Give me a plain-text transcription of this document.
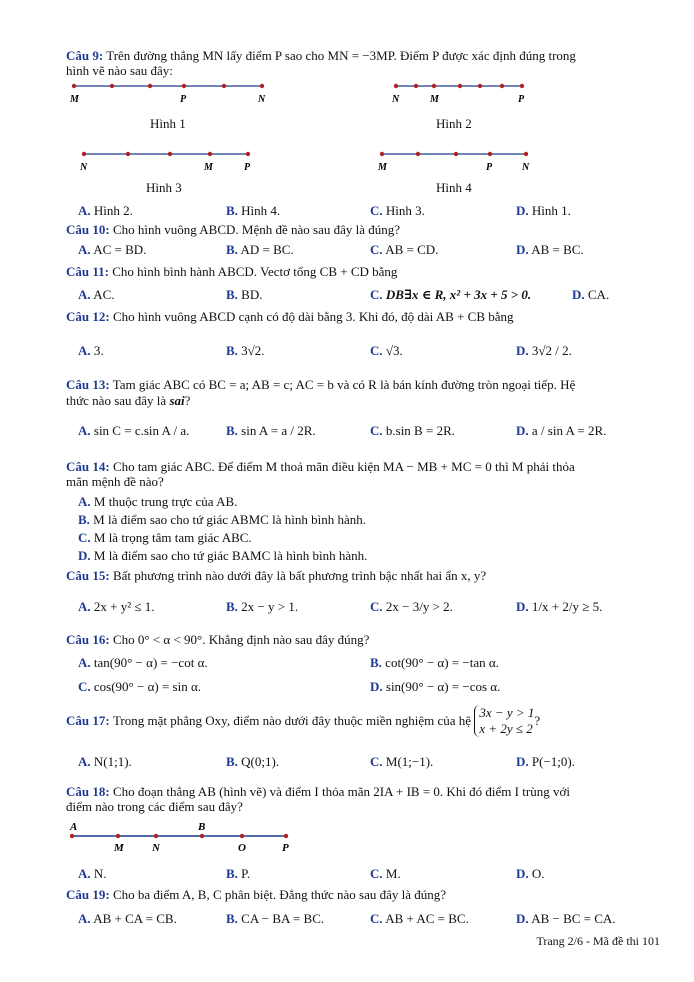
Câu 9: Trên đường thẳng MN lấy điểm P sao cho MN = −3MP. Điểm P được xác định đúng trong
hình vẽ nào sau đây:
M	P	N
Hình 1
N	M	P
Hình 2
N	M	P
Hình 3
M	P	N
Hình 4
A. Hình 2.	B. Hình 4.	C. Hình 3.	D. Hình 1.
Câu 10: Cho hình vuông ABCD. Mệnh đề nào sau đây là đúng?
A. AC = BD.	B. AD = BC.	C. AB = CD.	D. AB = BC.
Câu 11: Cho hình bình hành ABCD. Vectơ tổng CB + CD bằng
A. AC.	B. BD.	C. DB∃x ∈ R, x² + 3x + 5 > 0.	D. CA.
Câu 12: Cho hình vuông ABCD cạnh có độ dài bằng 3. Khi đó, độ dài AB + CB bằng
A. 3.	B. 3√2.	C. √3.	D. 3√2 / 2.
Câu 13: Tam giác ABC có BC = a; AB = c; AC = b và có R là bán kính đường tròn ngoại tiếp. Hệ
thức nào sau đây là sai?
A. sin C = c.sin A / a.	B. sin A = a / 2R.	C. b.sin B = 2R.	D. a / sin A = 2R.
Câu 14: Cho tam giác ABC. Để điểm M thoả mãn điều kiện MA − MB + MC = 0 thì M phải thỏa
mãn mệnh đề nào?
A. M thuộc trung trực của AB.
B. M là điểm sao cho tứ giác ABMC là hình bình hành.
C. M là trọng tâm tam giác ABC.
D. M là điểm sao cho tứ giác BAMC là hình bình hành.
Câu 15: Bất phương trình nào dưới đây là bất phương trình bậc nhất hai ẩn x, y?
A. 2x + y² ≤ 1.	B. 2x − y > 1.	C. 2x − 3/y > 2.	D. 1/x + 2/y ≥ 5.
Câu 16: Cho 0° < α < 90°. Khẳng định nào sau đây đúng?
A. tan(90° − α) = −cot α.	B. cot(90° − α) = −tan α.
C. cos(90° − α) = sin α.	D. sin(90° − α) = −cos α.
Câu 17: Trong mặt phẳng Oxy, điểm nào dưới đây thuộc miền nghiệm của hệ
3x − y > 1
x + 2y ≤ 2
?
A. N(1;1).	B. Q(0;1).	C. M(1;−1).	D. P(−1;0).
Câu 18: Cho đoạn thẳng AB (hình vẽ) và điểm I thỏa mãn 2IA + IB = 0. Khi đó điểm I trùng với
điểm nào trong các điểm sau đây?
A	B
M	N	O	P
A. N.	B. P.	C. M.	D. O.
Câu 19: Cho ba điểm A, B, C phân biệt. Đẳng thức nào sau đây là đúng?
A. AB + CA = CB.	B. CA − BA = BC.	C. AB + AC = BC.	D. AB − BC = CA.
Trang 2/6 - Mã đề thi 101
